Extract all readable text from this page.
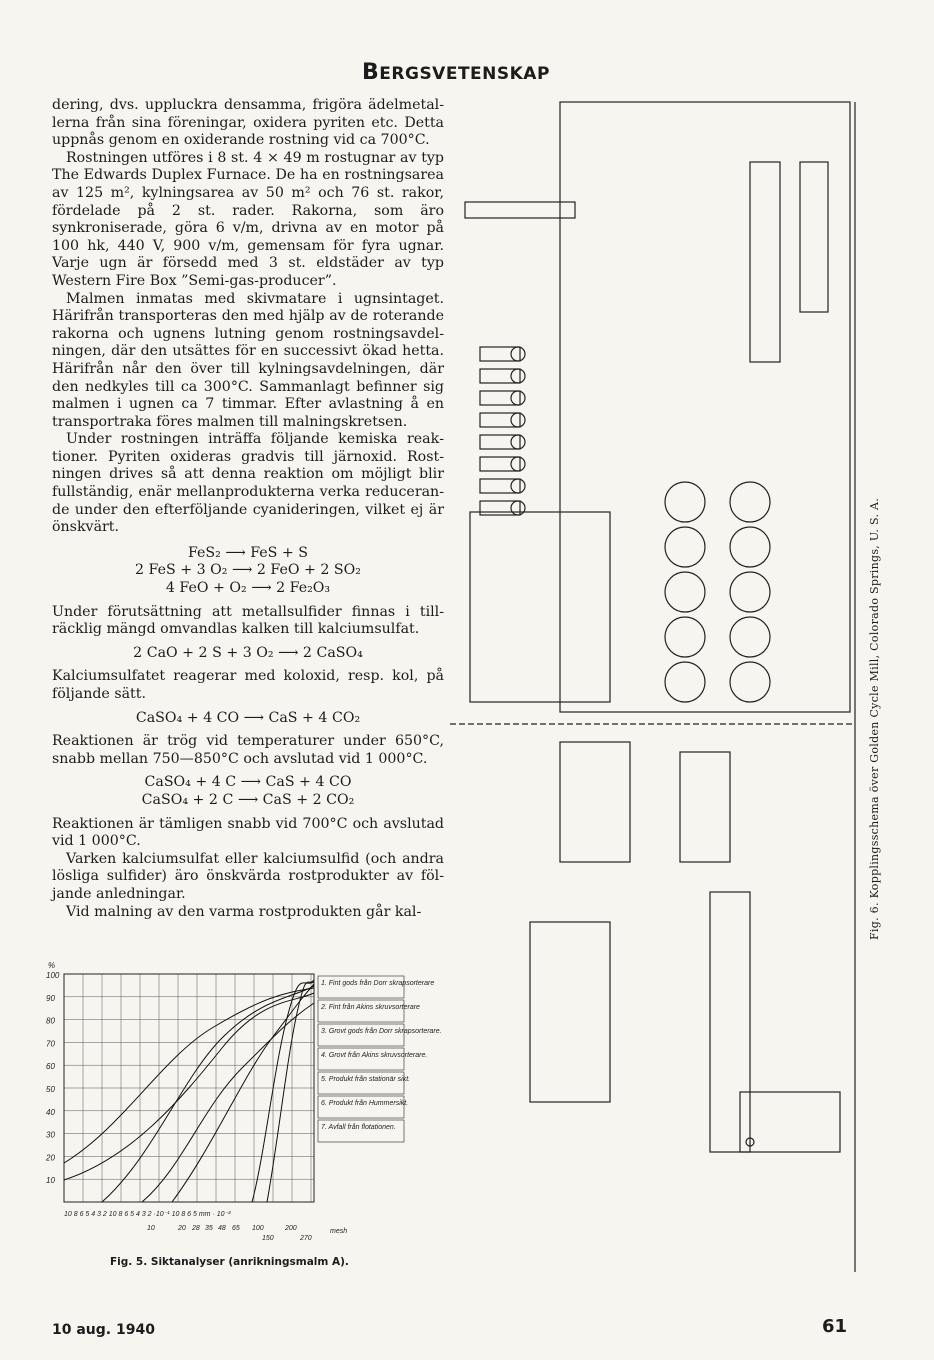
BERGSVETENSKAP

dering, dvs. uppluckra densamma, frigöra ädelmetallerna från sina föreningar, oxidera pyriten etc. Detta uppnås genom en oxiderande rostning vid ca 700°C.

Rostningen utföres i 8 st. 4 × 49 m rostugnar av typ The Edwards Duplex Furnace. De ha en rostningsarea av 125 m², kylningsarea av 50 m² och 76 st. rakor, fördelade på 2 st. rader. Rakorna, som äro synkroniserade, göra 6 v/m, drivna av en motor på 100 hk, 440 V, 900 v/m, gemensam för fyra ugnar. Varje ugn är försedd med 3 st. eldstäder av typ Western Fire Box ”Semi-gas-producer”.

Malmen inmatas med skivmatare i ugnsintaget. Härifrån transporteras den med hjälp av de roterande rakorna och ugnens lutning genom rostningsavdelningen, där den utsättes för en successivt ökad hetta. Härifrån når den över till kylningsavdelningen, där den nedkyles till ca 300°C. Sammanlagt befinner sig malmen i ugnen ca 7 timmar. Efter avlastning å en transportraka föres malmen till malningskretsen.

Under rostningen inträffa följande kemiska reaktioner. Pyriten oxideras gradvis till järnoxid. Rostningen drives så att denna reaktion om möjligt blir fullständig, enär mellanprodukterna verka reducerande under den efterföljande cyanideringen, vilket ej är önskvärt.

FeS₂ ⟶ FeS + S
2 FeS + 3 O₂ ⟶ 2 FeO + 2 SO₂
4 FeO + O₂ ⟶ 2 Fe₂O₃

Under förutsättning att metallsulfider finnas i tillräcklig mängd omvandlas kalken till kalciumsulfat.

2 CaO + 2 S + 3 O₂ ⟶ 2 CaSO₄

Kalciumsulfatet reagerar med koloxid, resp. kol, på följande sätt.

CaSO₄ + 4 CO ⟶ CaS + 4 CO₂

Reaktionen är trög vid temperaturer under 650°C, snabb mellan 750—850°C och avslutad vid 1 000°C.

CaSO₄ + 4 C ⟶ CaS + 4 CO
CaSO₄ + 2 C ⟶ CaS + 2 CO₂

Reaktionen är tämligen snabb vid 700°C och avslutad vid 1 000°C.

Varken kalciumsulfat eller kalciumsulfid (och andra lösliga sulfider) äro önskvärda rostprodukter av följande anledningar.

Vid malning av den varma rostprodukten går kal-

%
100
90
80
70
60
50
40
30
20
10
10 8 6 5 4 3 2 10 8 6 5 4 3 2 ·10⁻¹ 10 8 6 5 mm · 10⁻²
10	20 28 35 48 65 100	200
150	270
mesh
1. Fint gods från Dorr skrapsorterare
2. Fint från Akins skruvsorterare
3. Grovt gods från Dorr skrapsorterare.
4. Grovt från Akins skruvsorterare.
5. Produkt från stationär sikt.
6. Produkt från Hummersikt.
7. Avfall från flotationen.
Fig. 5. Siktanalyser (anrikningsmalm A).
Fig. 6. Kopplingsschema över Golden Cycle Mill, Colorado Springs, U. S. A.
10 aug. 1940	61
